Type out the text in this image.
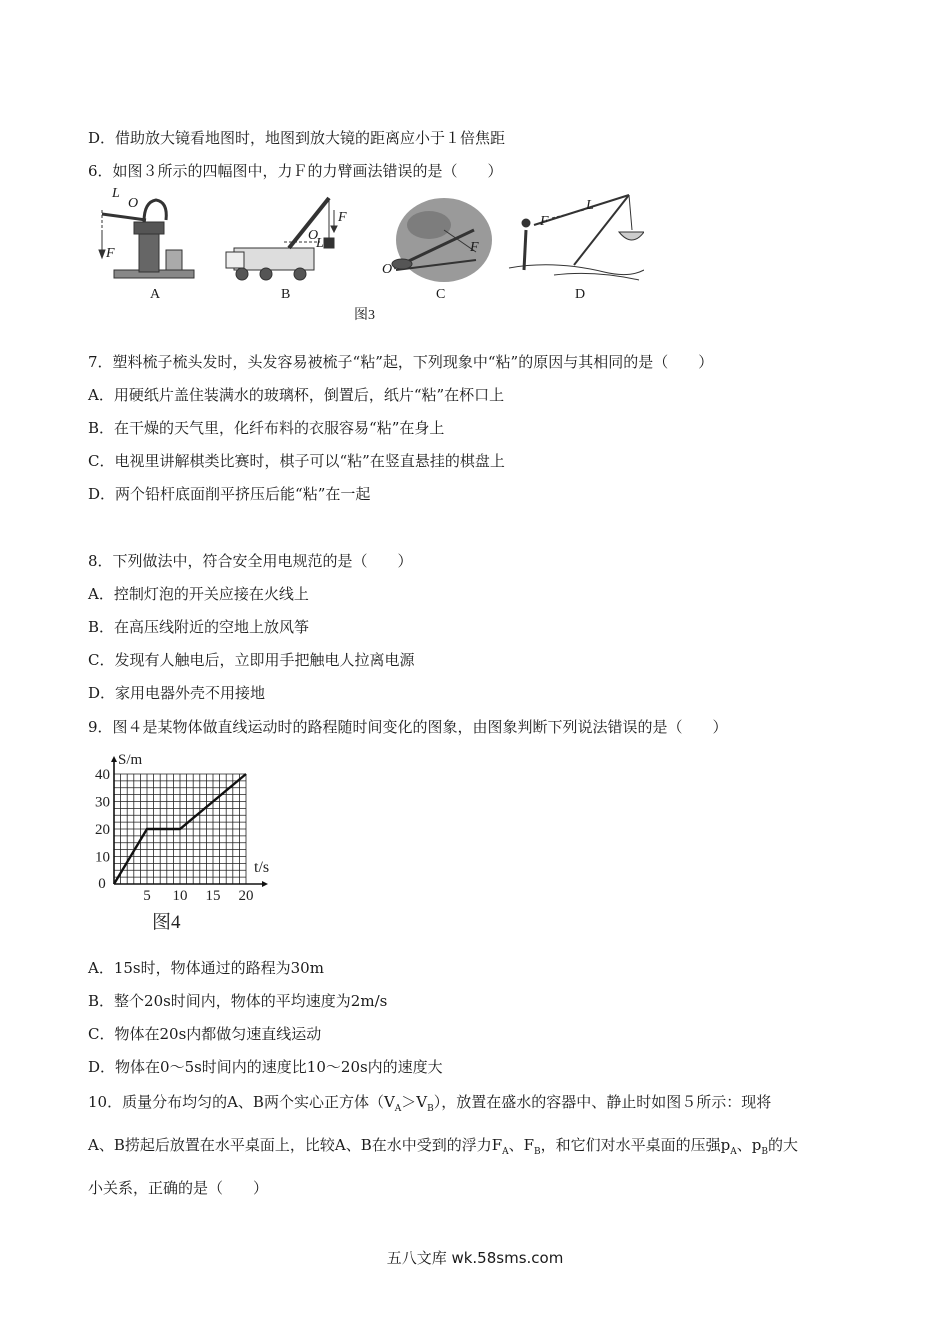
D．借助放大镜看地图时，地图到放大镜的距离应小于１倍焦距
6．如图３所示的四幅图中，力Ｆ的力臂画法错误的是（　　）
L
O
F
O
L
F
O
F
F
L
A	B	C	D
图3
7．塑料梳子梳头发时，头发容易被梳子“粘”起，下列现象中“粘”的原因与其相同的是（　　）
A．用硬纸片盖住装满水的玻璃杯，倒置后，纸片“粘”在杯口上
B．在干燥的天气里，化纤布料的衣服容易“粘”在身上
C．电视里讲解棋类比赛时，棋子可以“粘”在竖直悬挂的棋盘上
D．两个铅杆底面削平挤压后能“粘”在一起
8．下列做法中，符合安全用电规范的是（　　）
A．控制灯泡的开关应接在火线上
B．在高压线附近的空地上放风筝
C．发现有人触电后，立即用手把触电人拉离电源
D．家用电器外壳不用接地
9．图４是某物体做直线运动时的路程随时间变化的图象，由图象判断下列说法错误的是（　　）
0
5 10 15 20
10
20
30
40
S/m
t/s
图4
A．15s时，物体通过的路程为30m
B．整个20s时间内，物体的平均速度为2m/s
C．物体在20s内都做匀速直线运动
D．物体在0～5s时间内的速度比10～20s内的速度大
10．质量分布均匀的A、B两个实心正方体$(V_A>V_B)$，放置在盛水的容器中、静止时如图５所示：现将
A、B捞起后放置在水平桌面上，比较A、B在水中受到的浮力$F_A$、$F_B$，和它们对水平桌面的压强$p_A$、$p_B$的大
小关系，正确的是（　　）
五八文库 wk.58sms.com
